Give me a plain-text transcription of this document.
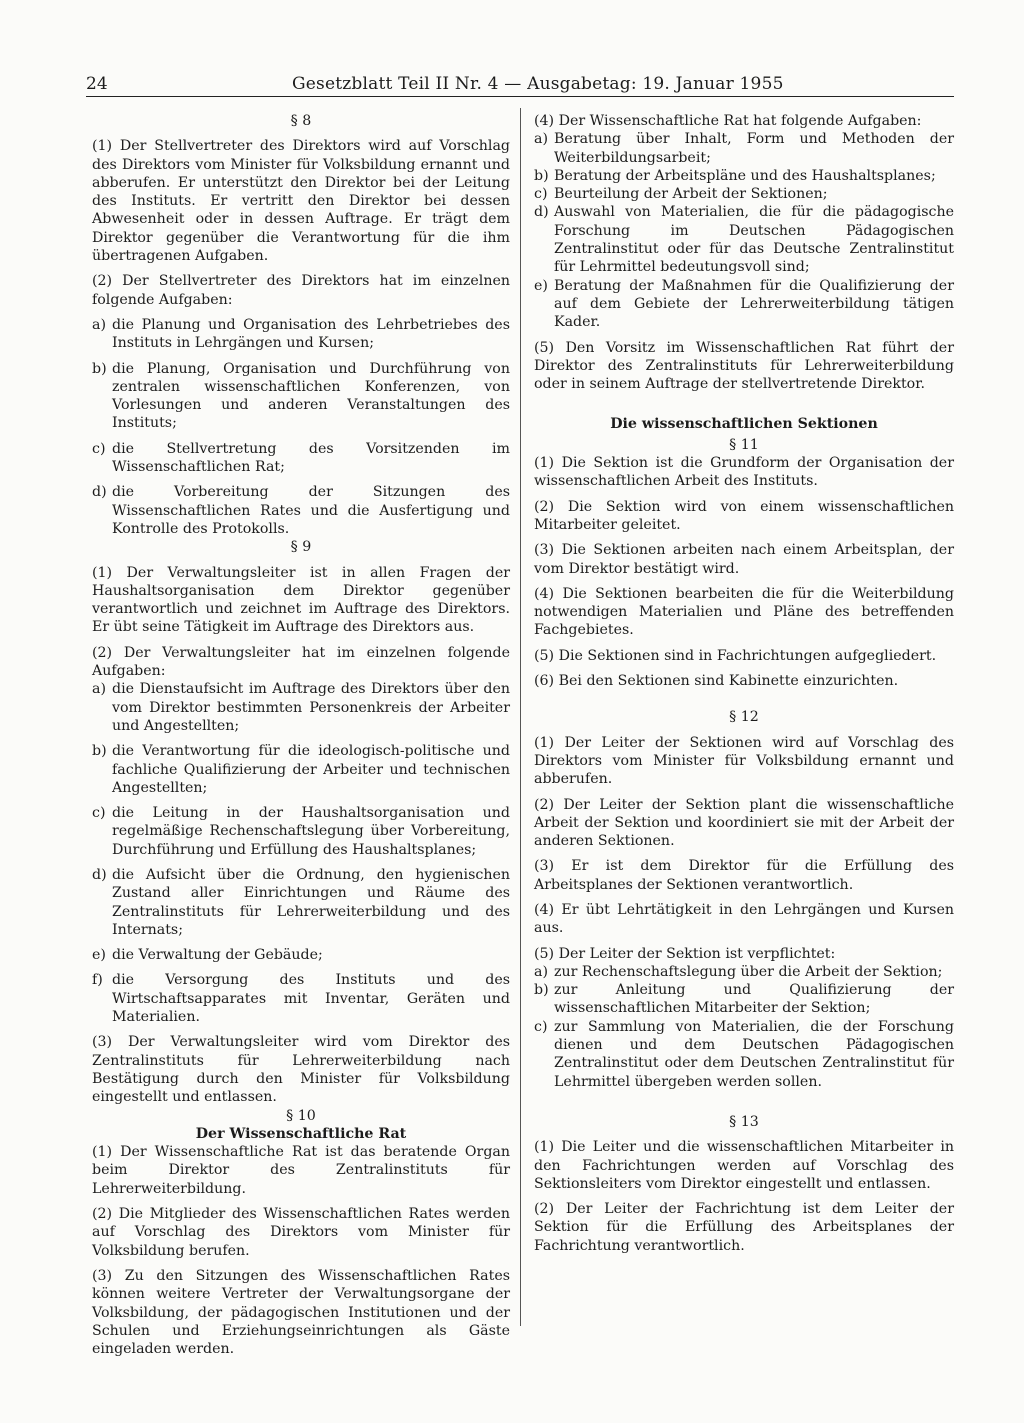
24	Gesetzblatt Teil II Nr. 4 — Ausgabetag: 19. Januar 1955

§ 8

(1) Der Stellvertreter des Direktors wird auf Vorschlag des Direktors vom Minister für Volksbildung ernannt und abberufen. Er unterstützt den Direktor bei der Leitung des Instituts. Er vertritt den Direktor bei dessen Abwesenheit oder in dessen Auftrage. Er trägt dem Direktor gegenüber die Verantwortung für die ihm übertragenen Aufgaben.

(2) Der Stellvertreter des Direktors hat im einzelnen folgende Aufgaben:

a) die Planung und Organisation des Lehrbetriebes des Instituts in Lehrgängen und Kursen;
b) die Planung, Organisation und Durchführung von zentralen wissenschaftlichen Konferenzen, von Vorlesungen und anderen Veranstaltungen des Instituts;
c) die Stellvertretung des Vorsitzenden im Wissenschaftlichen Rat;
d) die Vorbereitung der Sitzungen des Wissenschaftlichen Rates und die Ausfertigung und Kontrolle des Protokolls.

§ 9

(1) Der Verwaltungsleiter ist in allen Fragen der Haushaltsorganisation dem Direktor gegenüber verantwortlich und zeichnet im Auftrage des Direktors. Er übt seine Tätigkeit im Auftrage des Direktors aus.

(2) Der Verwaltungsleiter hat im einzelnen folgende Aufgaben:

a) die Dienstaufsicht im Auftrage des Direktors über den vom Direktor bestimmten Personenkreis der Arbeiter und Angestellten;
b) die Verantwortung für die ideologisch-politische und fachliche Qualifizierung der Arbeiter und technischen Angestellten;
c) die Leitung in der Haushaltsorganisation und regelmäßige Rechenschaftslegung über Vorbereitung, Durchführung und Erfüllung des Haushaltsplanes;
d) die Aufsicht über die Ordnung, den hygienischen Zustand aller Einrichtungen und Räume des Zentralinstituts für Lehrerweiterbildung und des Internats;
e) die Verwaltung der Gebäude;
f) die Versorgung des Instituts und des Wirtschaftsapparates mit Inventar, Geräten und Materialien.

(3) Der Verwaltungsleiter wird vom Direktor des Zentralinstituts für Lehrerweiterbildung nach Bestätigung durch den Minister für Volksbildung eingestellt und entlassen.

§ 10

Der Wissenschaftliche Rat

(1) Der Wissenschaftliche Rat ist das beratende Organ beim Direktor des Zentralinstituts für Lehrerweiterbildung.

(2) Die Mitglieder des Wissenschaftlichen Rates werden auf Vorschlag des Direktors vom Minister für Volksbildung berufen.

(3) Zu den Sitzungen des Wissenschaftlichen Rates können weitere Vertreter der Verwaltungsorgane der Volksbildung, der pädagogischen Institutionen und der Schulen und Erziehungseinrichtungen als Gäste eingeladen werden.

(4) Der Wissenschaftliche Rat hat folgende Aufgaben:

a) Beratung über Inhalt, Form und Methoden der Weiterbildungsarbeit;
b) Beratung der Arbeitspläne und des Haushaltsplanes;
c) Beurteilung der Arbeit der Sektionen;
d) Auswahl von Materialien, die für die pädagogische Forschung im Deutschen Pädagogischen Zentralinstitut oder für das Deutsche Zentralinstitut für Lehrmittel bedeutungsvoll sind;
e) Beratung der Maßnahmen für die Qualifizierung der auf dem Gebiete der Lehrerweiterbildung tätigen Kader.

(5) Den Vorsitz im Wissenschaftlichen Rat führt der Direktor des Zentralinstituts für Lehrerweiterbildung oder in seinem Auftrage der stellvertretende Direktor.

Die wissenschaftlichen Sektionen

§ 11

(1) Die Sektion ist die Grundform der Organisation der wissenschaftlichen Arbeit des Instituts.

(2) Die Sektion wird von einem wissenschaftlichen Mitarbeiter geleitet.

(3) Die Sektionen arbeiten nach einem Arbeitsplan, der vom Direktor bestätigt wird.

(4) Die Sektionen bearbeiten die für die Weiterbildung notwendigen Materialien und Pläne des betreffenden Fachgebietes.

(5) Die Sektionen sind in Fachrichtungen aufgegliedert.

(6) Bei den Sektionen sind Kabinette einzurichten.

§ 12

(1) Der Leiter der Sektionen wird auf Vorschlag des Direktors vom Minister für Volksbildung ernannt und abberufen.

(2) Der Leiter der Sektion plant die wissenschaftliche Arbeit der Sektion und koordiniert sie mit der Arbeit der anderen Sektionen.

(3) Er ist dem Direktor für die Erfüllung des Arbeitsplanes der Sektionen verantwortlich.

(4) Er übt Lehrtätigkeit in den Lehrgängen und Kursen aus.

(5) Der Leiter der Sektion ist verpflichtet:

a) zur Rechenschaftslegung über die Arbeit der Sektion;
b) zur Anleitung und Qualifizierung der wissenschaftlichen Mitarbeiter der Sektion;
c) zur Sammlung von Materialien, die der Forschung dienen und dem Deutschen Pädagogischen Zentralinstitut oder dem Deutschen Zentralinstitut für Lehrmittel übergeben werden sollen.

§ 13

(1) Die Leiter und die wissenschaftlichen Mitarbeiter in den Fachrichtungen werden auf Vorschlag des Sektionsleiters vom Direktor eingestellt und entlassen.

(2) Der Leiter der Fachrichtung ist dem Leiter der Sektion für die Erfüllung des Arbeitsplanes der Fachrichtung verantwortlich.
